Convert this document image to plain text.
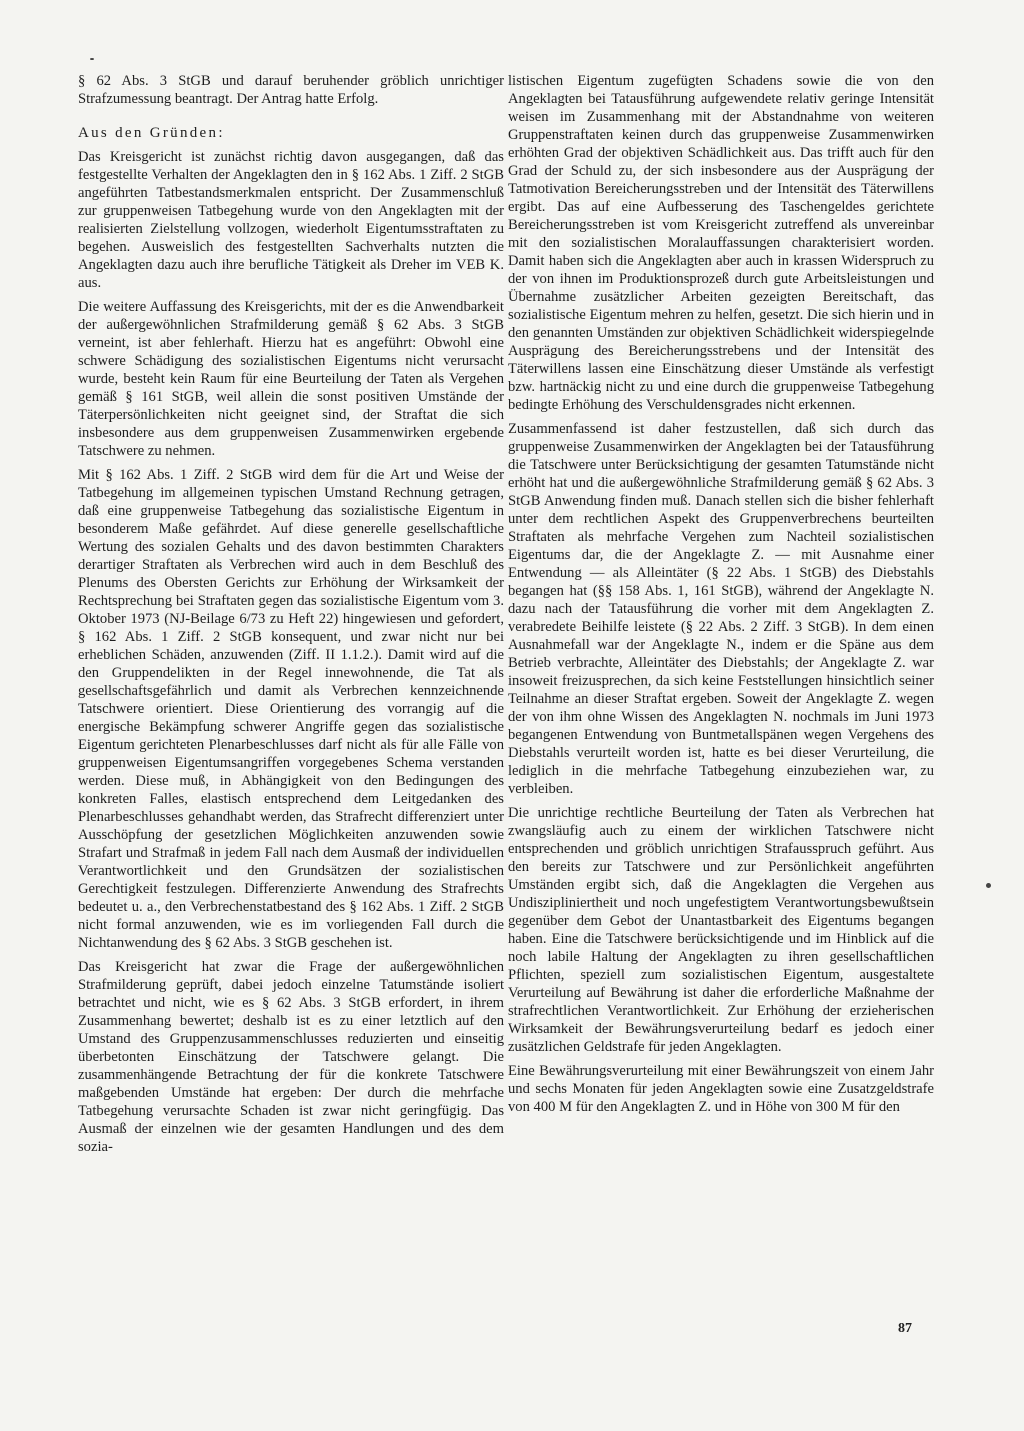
§ 62 Abs. 3 StGB und darauf beruhender gröblich unrichtiger Strafzumessung beantragt. Der Antrag hatte Erfolg.

Aus den Gründen:

Das Kreisgericht ist zunächst richtig davon ausgegangen, daß das festgestellte Verhalten der Angeklagten den in § 162 Abs. 1 Ziff. 2 StGB angeführten Tatbestandsmerkmalen entspricht. Der Zusammenschluß zur gruppenweisen Tatbegehung wurde von den Angeklagten mit der realisierten Zielstellung vollzogen, wiederholt Eigentumsstraftaten zu begehen. Ausweislich des festgestellten Sachverhalts nutzten die Angeklagten dazu auch ihre berufliche Tätigkeit als Dreher im VEB K. aus.

Die weitere Auffassung des Kreisgerichts, mit der es die Anwendbarkeit der außergewöhnlichen Strafmilderung gemäß § 62 Abs. 3 StGB verneint, ist aber fehlerhaft. Hierzu hat es angeführt: Obwohl eine schwere Schädigung des sozialistischen Eigentums nicht verursacht wurde, besteht kein Raum für eine Beurteilung der Taten als Vergehen gemäß § 161 StGB, weil allein die sonst positiven Umstände der Täterpersönlichkeiten nicht geeignet sind, der Straftat die sich insbesondere aus dem gruppenweisen Zusammenwirken ergebende Tatschwere zu nehmen.

Mit § 162 Abs. 1 Ziff. 2 StGB wird dem für die Art und Weise der Tatbegehung im allgemeinen typischen Umstand Rechnung getragen, daß eine gruppenweise Tatbegehung das sozialistische Eigentum in besonderem Maße gefährdet. Auf diese generelle gesellschaftliche Wertung des sozialen Gehalts und des davon bestimmten Charakters derartiger Straftaten als Verbrechen wird auch in dem Beschluß des Plenums des Obersten Gerichts zur Erhöhung der Wirksamkeit der Rechtsprechung bei Straftaten gegen das sozialistische Eigentum vom 3. Oktober 1973 (NJ-Beilage 6/73 zu Heft 22) hingewiesen und gefordert, § 162 Abs. 1 Ziff. 2 StGB konsequent, und zwar nicht nur bei erheblichen Schäden, anzuwenden (Ziff. II 1.1.2.). Damit wird auf die den Gruppendelikten in der Regel innewohnende, die Tat als gesellschaftsgefährlich und damit als Verbrechen kennzeichnende Tatschwere orientiert. Diese Orientierung des vorrangig auf die energische Bekämpfung schwerer Angriffe gegen das sozialistische Eigentum gerichteten Plenarbeschlusses darf nicht als für alle Fälle von gruppenweisen Eigentumsangriffen vorgegebenes Schema verstanden werden. Diese muß, in Abhängigkeit von den Bedingungen des konkreten Falles, elastisch entsprechend dem Leitgedanken des Plenarbeschlusses gehandhabt werden, das Strafrecht differenziert unter Ausschöpfung der gesetzlichen Möglichkeiten anzuwenden sowie Strafart und Strafmaß in jedem Fall nach dem Ausmaß der individuellen Verantwortlichkeit und den Grundsätzen der sozialistischen Gerechtigkeit festzulegen. Differenzierte Anwendung des Strafrechts bedeutet u. a., den Verbrechenstatbestand des § 162 Abs. 1 Ziff. 2 StGB nicht formal anzuwenden, wie es im vorliegenden Fall durch die Nichtanwendung des § 62 Abs. 3 StGB geschehen ist.

Das Kreisgericht hat zwar die Frage der außergewöhnlichen Strafmilderung geprüft, dabei jedoch einzelne Tatumstände isoliert betrachtet und nicht, wie es § 62 Abs. 3 StGB erfordert, in ihrem Zusammenhang bewertet; deshalb ist es zu einer letztlich auf den Umstand des Gruppenzusammenschlusses reduzierten und einseitig überbetonten Einschätzung der Tatschwere gelangt. Die zusammenhängende Betrachtung der für die konkrete Tatschwere maßgebenden Umstände hat ergeben: Der durch die mehrfache Tatbegehung verursachte Schaden ist zwar nicht geringfügig. Das Ausmaß der einzelnen wie der gesamten Handlungen und des dem sozia-

listischen Eigentum zugefügten Schadens sowie die von den Angeklagten bei Tatausführung aufgewendete relativ geringe Intensität weisen im Zusammenhang mit der Abstandnahme von weiteren Gruppenstraftaten keinen durch das gruppenweise Zusammenwirken erhöhten Grad der objektiven Schädlichkeit aus. Das trifft auch für den Grad der Schuld zu, der sich insbesondere aus der Ausprägung der Tatmotivation Bereicherungsstreben und der Intensität des Täterwillens ergibt. Das auf eine Aufbesserung des Taschengeldes gerichtete Bereicherungsstreben ist vom Kreisgericht zutreffend als unvereinbar mit den sozialistischen Moralauffassungen charakterisiert worden. Damit haben sich die Angeklagten aber auch in krassen Widerspruch zu der von ihnen im Produktionsprozeß durch gute Arbeitsleistungen und Übernahme zusätzlicher Arbeiten gezeigten Bereitschaft, das sozialistische Eigentum mehren zu helfen, gesetzt. Die sich hierin und in den genannten Umständen zur objektiven Schädlichkeit widerspiegelnde Ausprägung des Bereicherungsstrebens und der Intensität des Täterwillens lassen eine Einschätzung dieser Umstände als verfestigt bzw. hartnäckig nicht zu und eine durch die gruppenweise Tatbegehung bedingte Erhöhung des Verschuldensgrades nicht erkennen.

Zusammenfassend ist daher festzustellen, daß sich durch das gruppenweise Zusammenwirken der Angeklagten bei der Tatausführung die Tatschwere unter Berücksichtigung der gesamten Tatumstände nicht erhöht hat und die außergewöhnliche Strafmilderung gemäß § 62 Abs. 3 StGB Anwendung finden muß. Danach stellen sich die bisher fehlerhaft unter dem rechtlichen Aspekt des Gruppenverbrechens beurteilten Straftaten als mehrfache Vergehen zum Nachteil sozialistischen Eigentums dar, die der Angeklagte Z. — mit Ausnahme einer Entwendung — als Alleintäter (§ 22 Abs. 1 StGB) des Diebstahls begangen hat (§§ 158 Abs. 1, 161 StGB), während der Angeklagte N. dazu nach der Tatausführung die vorher mit dem Angeklagten Z. verabredete Beihilfe leistete (§ 22 Abs. 2 Ziff. 3 StGB). In dem einen Ausnahmefall war der Angeklagte N., indem er die Späne aus dem Betrieb verbrachte, Alleintäter des Diebstahls; der Angeklagte Z. war insoweit freizusprechen, da sich keine Feststellungen hinsichtlich seiner Teilnahme an dieser Straftat ergeben. Soweit der Angeklagte Z. wegen der von ihm ohne Wissen des Angeklagten N. nochmals im Juni 1973 begangenen Entwendung von Buntmetallspänen wegen Vergehens des Diebstahls verurteilt worden ist, hatte es bei dieser Verurteilung, die lediglich in die mehrfache Tatbegehung einzubeziehen war, zu verbleiben.

Die unrichtige rechtliche Beurteilung der Taten als Verbrechen hat zwangsläufig auch zu einem der wirklichen Tatschwere nicht entsprechenden und gröblich unrichtigen Strafausspruch geführt. Aus den bereits zur Tatschwere und zur Persönlichkeit angeführten Umständen ergibt sich, daß die Angeklagten die Vergehen aus Undiszipliniertheit und noch ungefestigtem Verantwortungsbewußtsein gegenüber dem Gebot der Unantastbarkeit des Eigentums begangen haben. Eine die Tatschwere berücksichtigende und im Hinblick auf die noch labile Haltung der Angeklagten zu ihren gesellschaftlichen Pflichten, speziell zum sozialistischen Eigentum, ausgestaltete Verurteilung auf Bewährung ist daher die erforderliche Maßnahme der strafrechtlichen Verantwortlichkeit. Zur Erhöhung der erzieherischen Wirksamkeit der Bewährungsverurteilung bedarf es jedoch einer zusätzlichen Geldstrafe für jeden Angeklagten.

Eine Bewährungsverurteilung mit einer Bewährungszeit von einem Jahr und sechs Monaten für jeden Angeklagten sowie eine Zusatzgeldstrafe von 400 M für den Angeklagten Z. und in Höhe von 300 M für den

87
